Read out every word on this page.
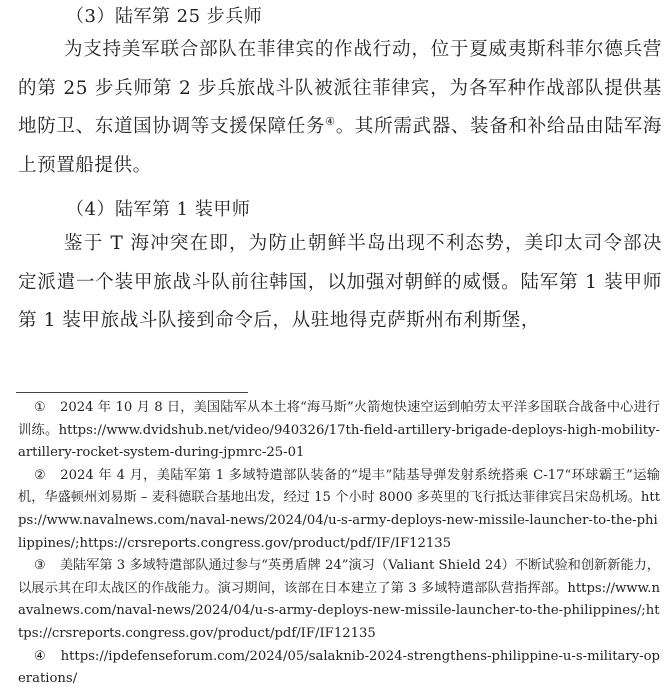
（3）陆军第 25 步兵师

为支持美军联合部队在菲律宾的作战行动，位于夏威夷斯科菲尔德兵营的第 25 步兵师第 2 步兵旅战斗队被派往菲律宾，为各军种作战部队提供基地防卫、东道国协调等支援保障任务④。其所需武器、装备和补给品由陆军海上预置船提供。

（4）陆军第 1 装甲师

鉴于 T 海冲突在即，为防止朝鲜半岛出现不利态势，美印太司令部决定派遣一个装甲旅战斗队前往韩国，以加强对朝鲜的威慑。陆军第 1 装甲师第 1 装甲旅战斗队接到命令后，从驻地得克萨斯州布利斯堡，

① 2024 年 10 月 8 日，美国陆军从本土将“海马斯”火箭炮快速空运到帕劳太平洋多国联合战备中心进行训练。https://www.dvidshub.net/video/940326/17th-field-artillery-brigade-deploys-high-mobility-artillery-rocket-system-during-jpmrc-25-01

② 2024 年 4 月，美陆军第 1 多域特遣部队装备的“堤丰”陆基导弹发射系统搭乘 C-17“环球霸王”运输机，华盛顿州刘易斯 – 麦科德联合基地出发，经过 15 个小时 8000 多英里的飞行抵达菲律宾吕宋岛机场。https://www.navalnews.com/naval-news/2024/04/u-s-army-deploys-new-missile-launcher-to-the-philippines/;https://crsreports.congress.gov/product/pdf/IF/IF12135

③ 美陆军第 3 多域特遣部队通过参与“英勇盾牌 24”演习（Valiant Shield 24）不断试验和创新新能力，以展示其在印太战区的作战能力。演习期间，该部在日本建立了第 3 多域特遣部队营指挥部。https://www.navalnews.com/naval-news/2024/04/u-s-army-deploys-new-missile-launcher-to-the-philippines/;https://crsreports.congress.gov/product/pdf/IF/IF12135

④ https://ipdefenseforum.com/2024/05/salaknib-2024-strengthens-philippine-u-s-military-operations/
